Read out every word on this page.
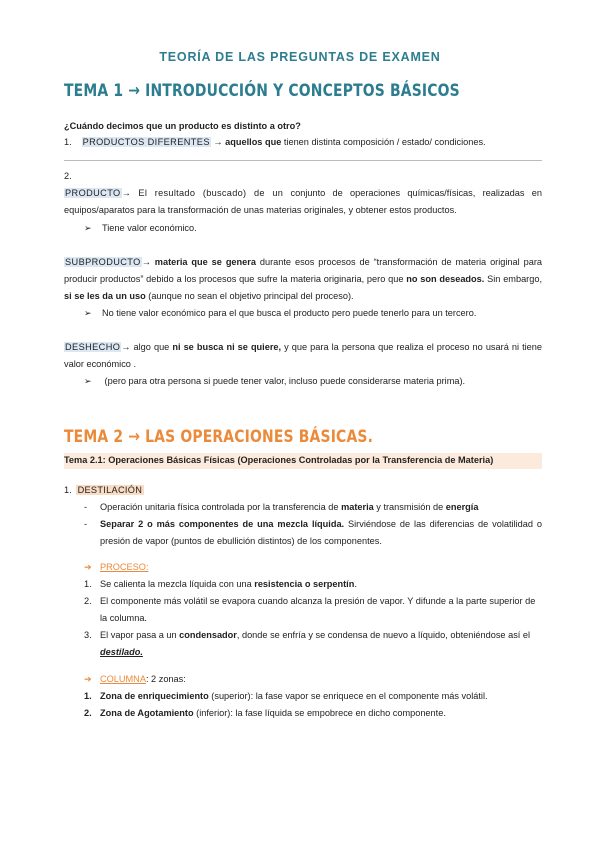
TEORÍA DE LAS PREGUNTAS DE EXAMEN
TEMA 1 → INTRODUCCIÓN Y CONCEPTOS BÁSICOS
¿Cuándo decimos que un producto es distinto a otro?
1. PRODUCTOS DIFERENTES → aquellos que tienen distinta composición / estado/ condiciones.
2.
PRODUCTO→ El resultado (buscado) de un conjunto de operaciones químicas/físicas, realizadas en equipos/aparatos para la transformación de unas materias originales, y obtener estos productos.
➢ Tiene valor económico.
SUBPRODUCTO→ materia que se genera durante esos procesos de “transformación de materia original para producir productos” debido a los procesos que sufre la materia originaria, pero que no son deseados. Sin embargo, si se les da un uso (aunque no sean el objetivo principal del proceso).
➢ No tiene valor económico para el que busca el producto pero puede tenerlo para un tercero.
DESHECHO→ algo que ni se busca ni se quiere, y que para la persona que realiza el proceso no usará ni tiene valor económico .
➢ (pero para otra persona si puede tener valor, incluso puede considerarse materia prima).
TEMA 2 → LAS OPERACIONES BÁSICAS.
Tema 2.1: Operaciones Básicas Físicas (Operaciones Controladas por la Transferencia de Materia)
1. DESTILACIÓN
- Operación unitaria física controlada por la transferencia de materia y transmisión de energía
- Separar 2 o más componentes de una mezcla líquida. Sirviéndose de las diferencias de volatilidad o presión de vapor (puntos de ebullición distintos) de los componentes.
➔ PROCESO:
1. Se calienta la mezcla líquida con una resistencia o serpentín.
2. El componente más volátil se evapora cuando alcanza la presión de vapor. Y difunde a la parte superior de la columna.
3. El vapor pasa a un condensador, donde se enfría y se condensa de nuevo a líquido, obteniéndose así el destilado.
➔ COLUMNA: 2 zonas:
1. Zona de enriquecimiento (superior): la fase vapor se enriquece en el componente más volátil.
2. Zona de Agotamiento (inferior): la fase líquida se empobrece en dicho componente.
